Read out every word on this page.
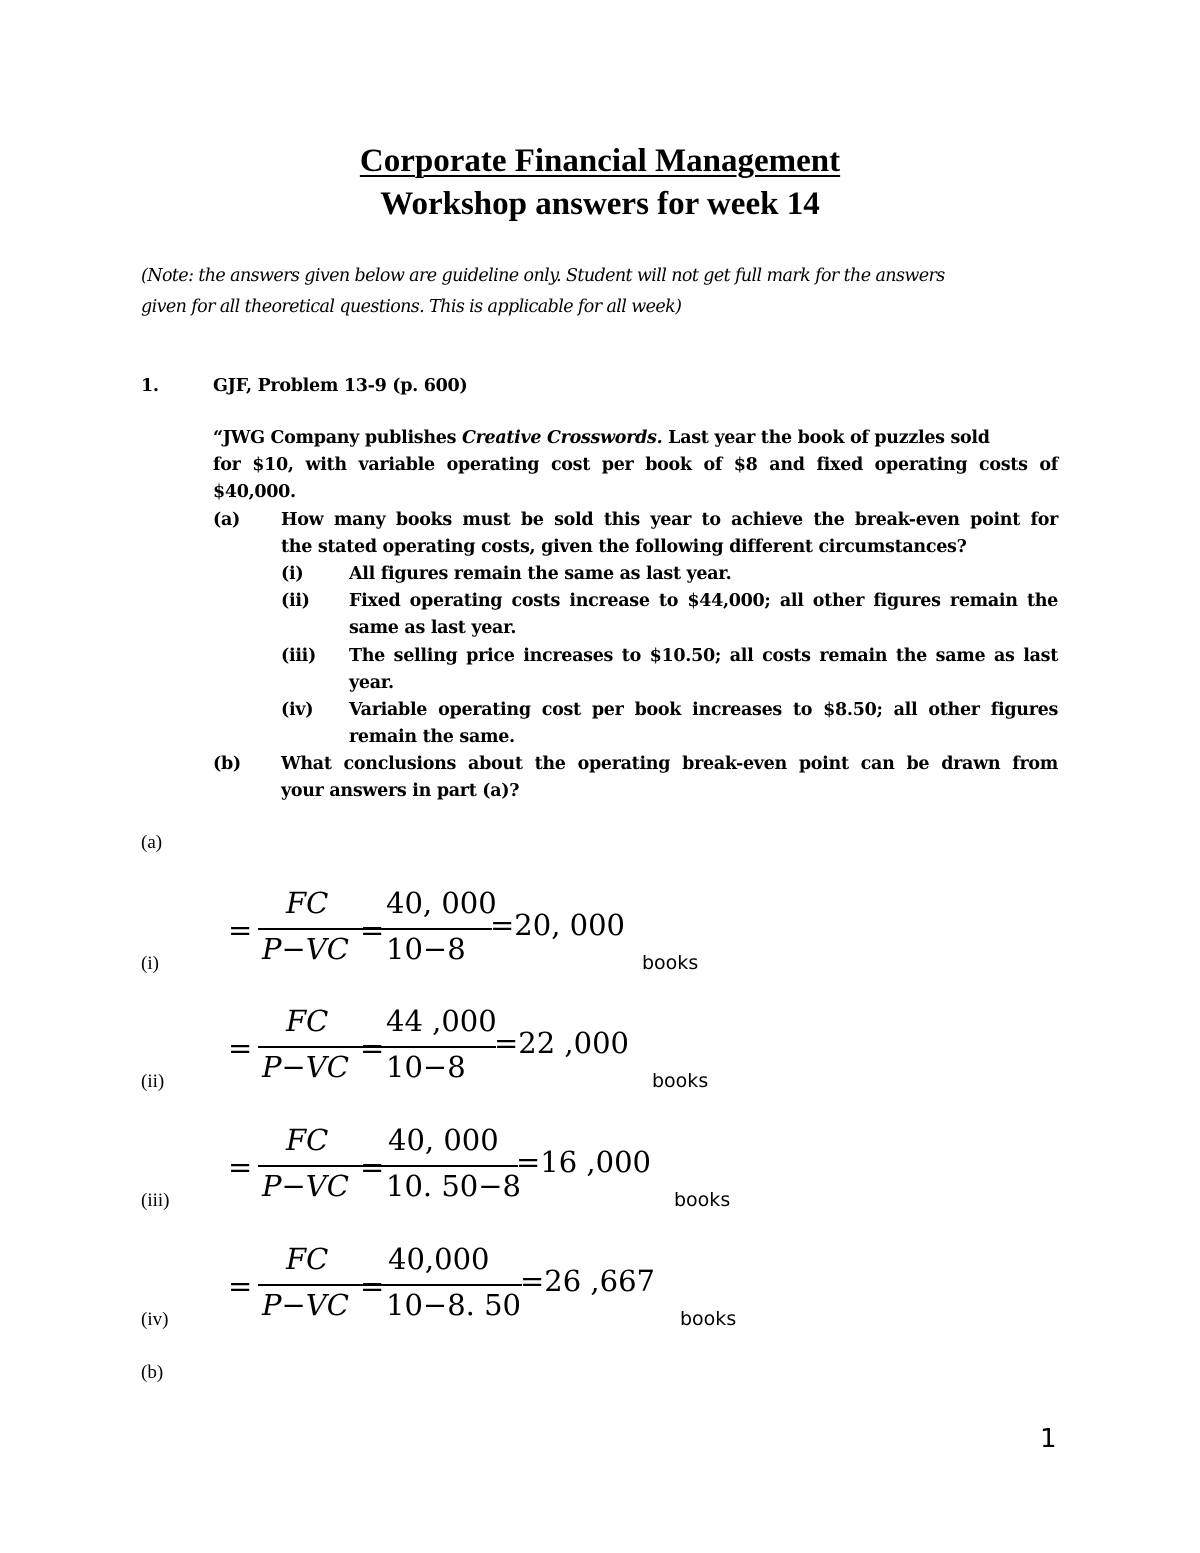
Corporate Financial Management
Workshop answers for week 14
(Note: the answers given below are guideline only. Student will not get full mark for the answers
given for all theoretical questions. This is applicable for all week)
1.	GJF, Problem 13-9 (p. 600)
“JWG Company publishes Creative Crosswords. Last year the book of puzzles sold
for $10, with variable operating cost per book of $8 and fixed operating costs of
$40,000.
(a) How many books must be sold this year to achieve the break-even point for
the stated operating costs, given the following different circumstances?
(i)	All figures remain the same as last year.
(ii) Fixed operating costs increase to $44,000; all other figures remain the
same as last year.
(iii) The selling price increases to $10.50; all costs remain the same as last
year.
(iv) Variable operating cost per book increases to $8.50; all other figures
remain the same.
(b) What conclusions about the operating break-even point can be drawn from
your answers in part (a)?
(a)
(i)
=
FC
P−VC
=
40, 000
10−8
=20, 000
books
(ii)
=
FC
P−VC
=
44 ,000
10−8
=22 ,000
books
(iii)
=
FC
P−VC
=
40, 000
10. 50−8
=16 ,000
books
(iv)
=
FC
P−VC
=
40,000
10−8. 50
=26 ,667
books
(b)
1
